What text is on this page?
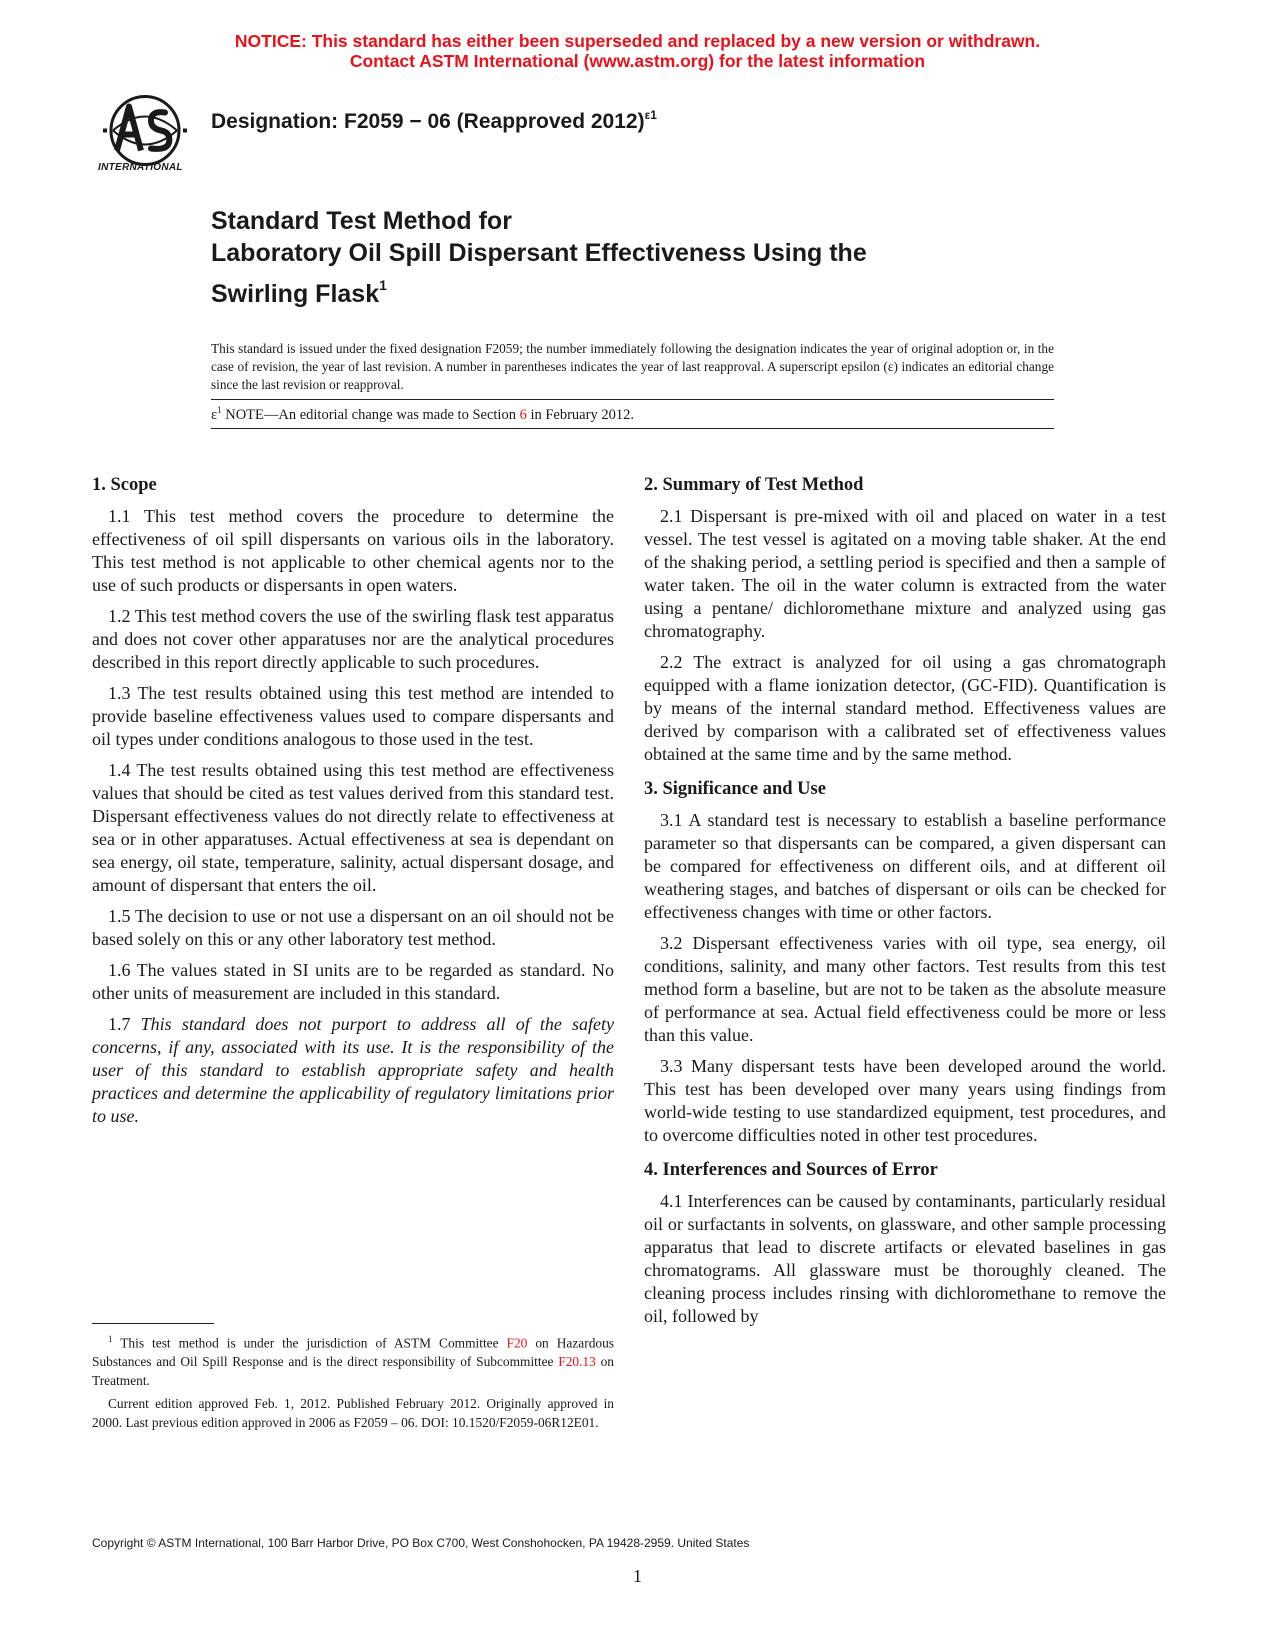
NOTICE: This standard has either been superseded and replaced by a new version or withdrawn.
Contact ASTM International (www.astm.org) for the latest information
INTERNATIONAL
Designation: F2059 − 06 (Reapproved 2012)$^{\varepsilon 1}$
Standard Test Method for
Laboratory Oil Spill Dispersant Effectiveness Using the
Swirling Flask$^1$
This standard is issued under the fixed designation F2059; the number immediately following the designation indicates the year of original adoption or, in the case of revision, the year of last revision. A number in parentheses indicates the year of last reapproval. A superscript epsilon (ε) indicates an editorial change since the last revision or reapproval.
$\varepsilon^1$ NOTE—An editorial change was made to Section 6 in February 2012.
1. Scope

1.1 This test method covers the procedure to determine the effectiveness of oil spill dispersants on various oils in the laboratory. This test method is not applicable to other chemical agents nor to the use of such products or dispersants in open waters.

1.2 This test method covers the use of the swirling flask test apparatus and does not cover other apparatuses nor are the analytical procedures described in this report directly applicable to such procedures.

1.3 The test results obtained using this test method are intended to provide baseline effectiveness values used to compare dispersants and oil types under conditions analogous to those used in the test.

1.4 The test results obtained using this test method are effectiveness values that should be cited as test values derived from this standard test. Dispersant effectiveness values do not directly relate to effectiveness at sea or in other apparatuses. Actual effectiveness at sea is dependant on sea energy, oil state, temperature, salinity, actual dispersant dosage, and amount of dispersant that enters the oil.

1.5 The decision to use or not use a dispersant on an oil should not be based solely on this or any other laboratory test method.

1.6 The values stated in SI units are to be regarded as standard. No other units of measurement are included in this standard.

1.7 This standard does not purport to address all of the safety concerns, if any, associated with its use. It is the responsibility of the user of this standard to establish appropriate safety and health practices and determine the applicability of regulatory limitations prior to use.

2. Summary of Test Method

2.1 Dispersant is pre-mixed with oil and placed on water in a test vessel. The test vessel is agitated on a moving table shaker. At the end of the shaking period, a settling period is specified and then a sample of water taken. The oil in the water column is extracted from the water using a pentane/ dichloromethane mixture and analyzed using gas chromatography.

2.2 The extract is analyzed for oil using a gas chromatograph equipped with a flame ionization detector, (GC-FID). Quantification is by means of the internal standard method. Effectiveness values are derived by comparison with a calibrated set of effectiveness values obtained at the same time and by the same method.

3. Significance and Use

3.1 A standard test is necessary to establish a baseline performance parameter so that dispersants can be compared, a given dispersant can be compared for effectiveness on different oils, and at different oil weathering stages, and batches of dispersant or oils can be checked for effectiveness changes with time or other factors.

3.2 Dispersant effectiveness varies with oil type, sea energy, oil conditions, salinity, and many other factors. Test results from this test method form a baseline, but are not to be taken as the absolute measure of performance at sea. Actual field effectiveness could be more or less than this value.

3.3 Many dispersant tests have been developed around the world. This test has been developed over many years using findings from world-wide testing to use standardized equipment, test procedures, and to overcome difficulties noted in other test procedures.

4. Interferences and Sources of Error

4.1 Interferences can be caused by contaminants, particularly residual oil or surfactants in solvents, on glassware, and other sample processing apparatus that lead to discrete artifacts or elevated baselines in gas chromatograms. All glassware must be thoroughly cleaned. The cleaning process includes rinsing with dichloromethane to remove the oil, followed by

$^1$ This test method is under the jurisdiction of ASTM Committee F20 on Hazardous Substances and Oil Spill Response and is the direct responsibility of Subcommittee F20.13 on Treatment.

Current edition approved Feb. 1, 2012. Published February 2012. Originally approved in 2000. Last previous edition approved in 2006 as F2059 – 06. DOI: 10.1520/F2059-06R12E01.

Copyright © ASTM International, 100 Barr Harbor Drive, PO Box C700, West Conshohocken, PA 19428-2959. United States
1
